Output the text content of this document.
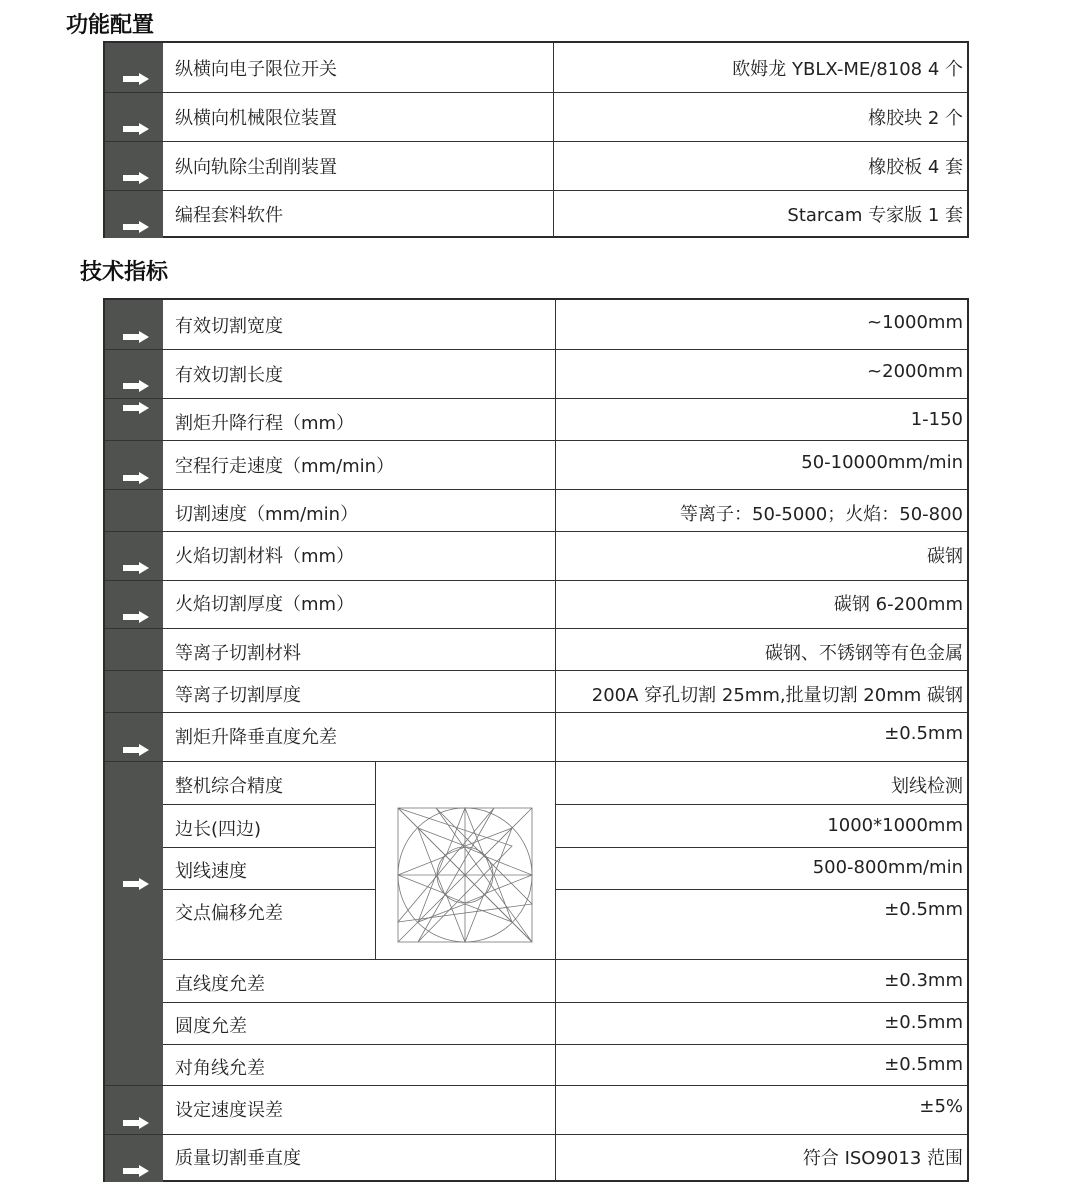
功能配置
纵横向电子限位开关	欧姆龙 YBLX-ME/8108 4 个
纵横向机械限位装置	橡胶块 2 个
纵向轨除尘刮削装置	橡胶板 4 套
编程套料软件	Starcam 专家版 1 套
技术指标
有效切割宽度	~1000mm
有效切割长度	~2000mm
割炬升降行程（mm）	1-150
空程行走速度（mm/min）	50-10000mm/min
切割速度（mm/min）	等离子：50-5000；火焰：50-800
火焰切割材料（mm）	碳钢
火焰切割厚度（mm）	碳钢 6-200mm
等离子切割材料	碳钢、不锈钢等有色金属
等离子切割厚度	200A 穿孔切割 25mm,批量切割 20mm 碳钢
割炬升降垂直度允差	±0.5mm
整机综合精度	划线检测
边长(四边)	1000*1000mm
划线速度	500-800mm/min
交点偏移允差	±0.5mm
直线度允差	±0.3mm
圆度允差	±0.5mm
对角线允差	±0.5mm
设定速度误差	±5%
质量切割垂直度	符合 ISO9013 范围
